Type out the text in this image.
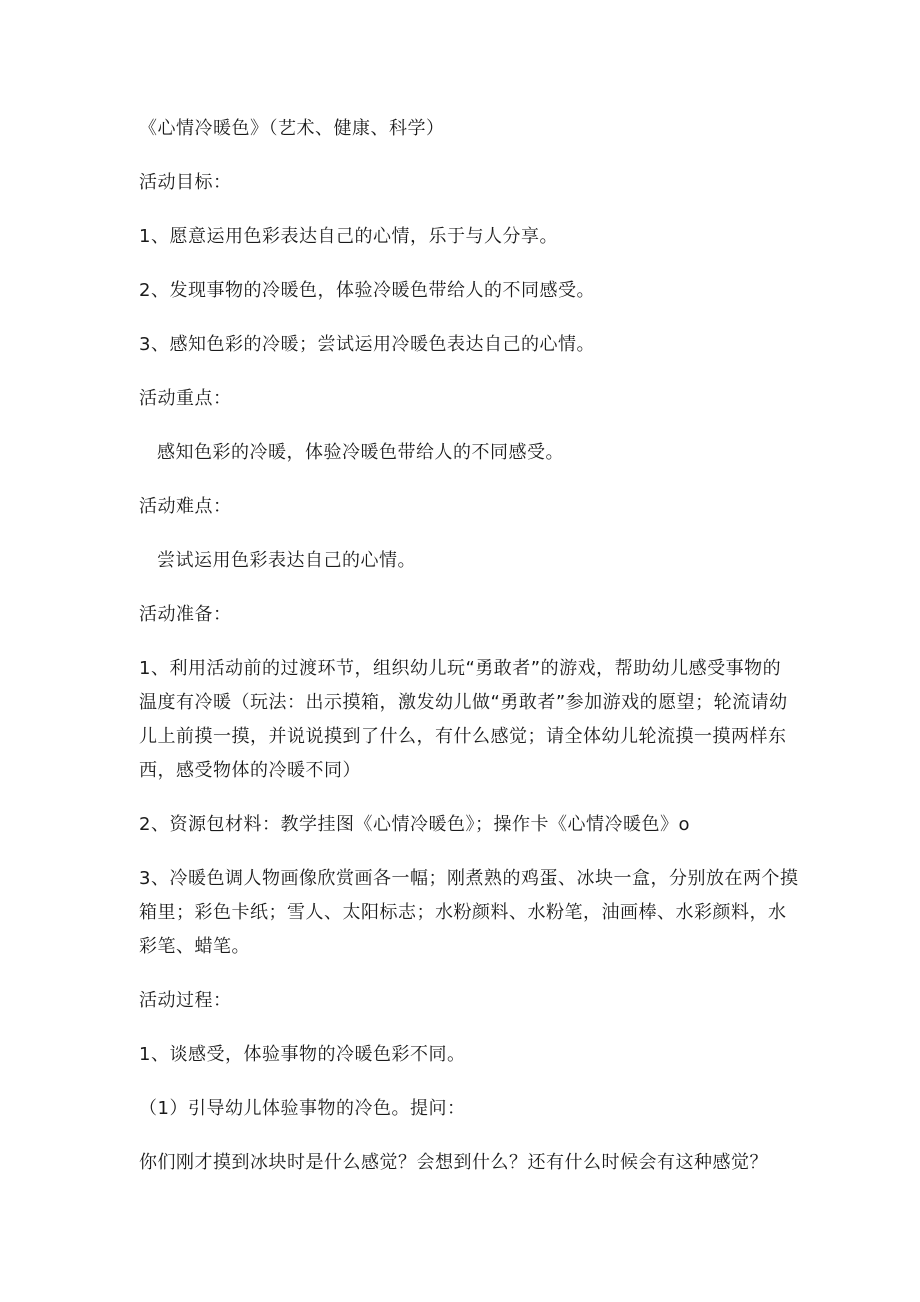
《心情冷暖色》（艺术、健康、科学）

活动目标：

1、愿意运用色彩表达自己的心情，乐于与人分享。

2、发现事物的冷暖色，体验冷暖色带给人的不同感受。

3、感知色彩的冷暖；尝试运用冷暖色表达自己的心情。

活动重点：

感知色彩的冷暖，体验冷暖色带给人的不同感受。

活动难点：

尝试运用色彩表达自己的心情。

活动准备：

1、利用活动前的过渡环节，组织幼儿玩“勇敢者”的游戏，帮助幼儿感受事物的温度有冷暖（玩法：出示摸箱，激发幼儿做“勇敢者”参加游戏的愿望；轮流请幼儿上前摸一摸，并说说摸到了什么，有什么感觉；请全体幼儿轮流摸一摸两样东西，感受物体的冷暖不同）

2、资源包材料：教学挂图《心情冷暖色》；操作卡《心情冷暖色》o

3、冷暖色调人物画像欣赏画各一幅；刚煮熟的鸡蛋、冰块一盒，分别放在两个摸箱里；彩色卡纸；雪人、太阳标志；水粉颜料、水粉笔，油画棒、水彩颜料，水彩笔、蜡笔。

活动过程：

1、谈感受，体验事物的冷暖色彩不同。

（1）引导幼儿体验事物的冷色。提问：

你们刚才摸到冰块时是什么感觉？会想到什么？还有什么时候会有这种感觉？
